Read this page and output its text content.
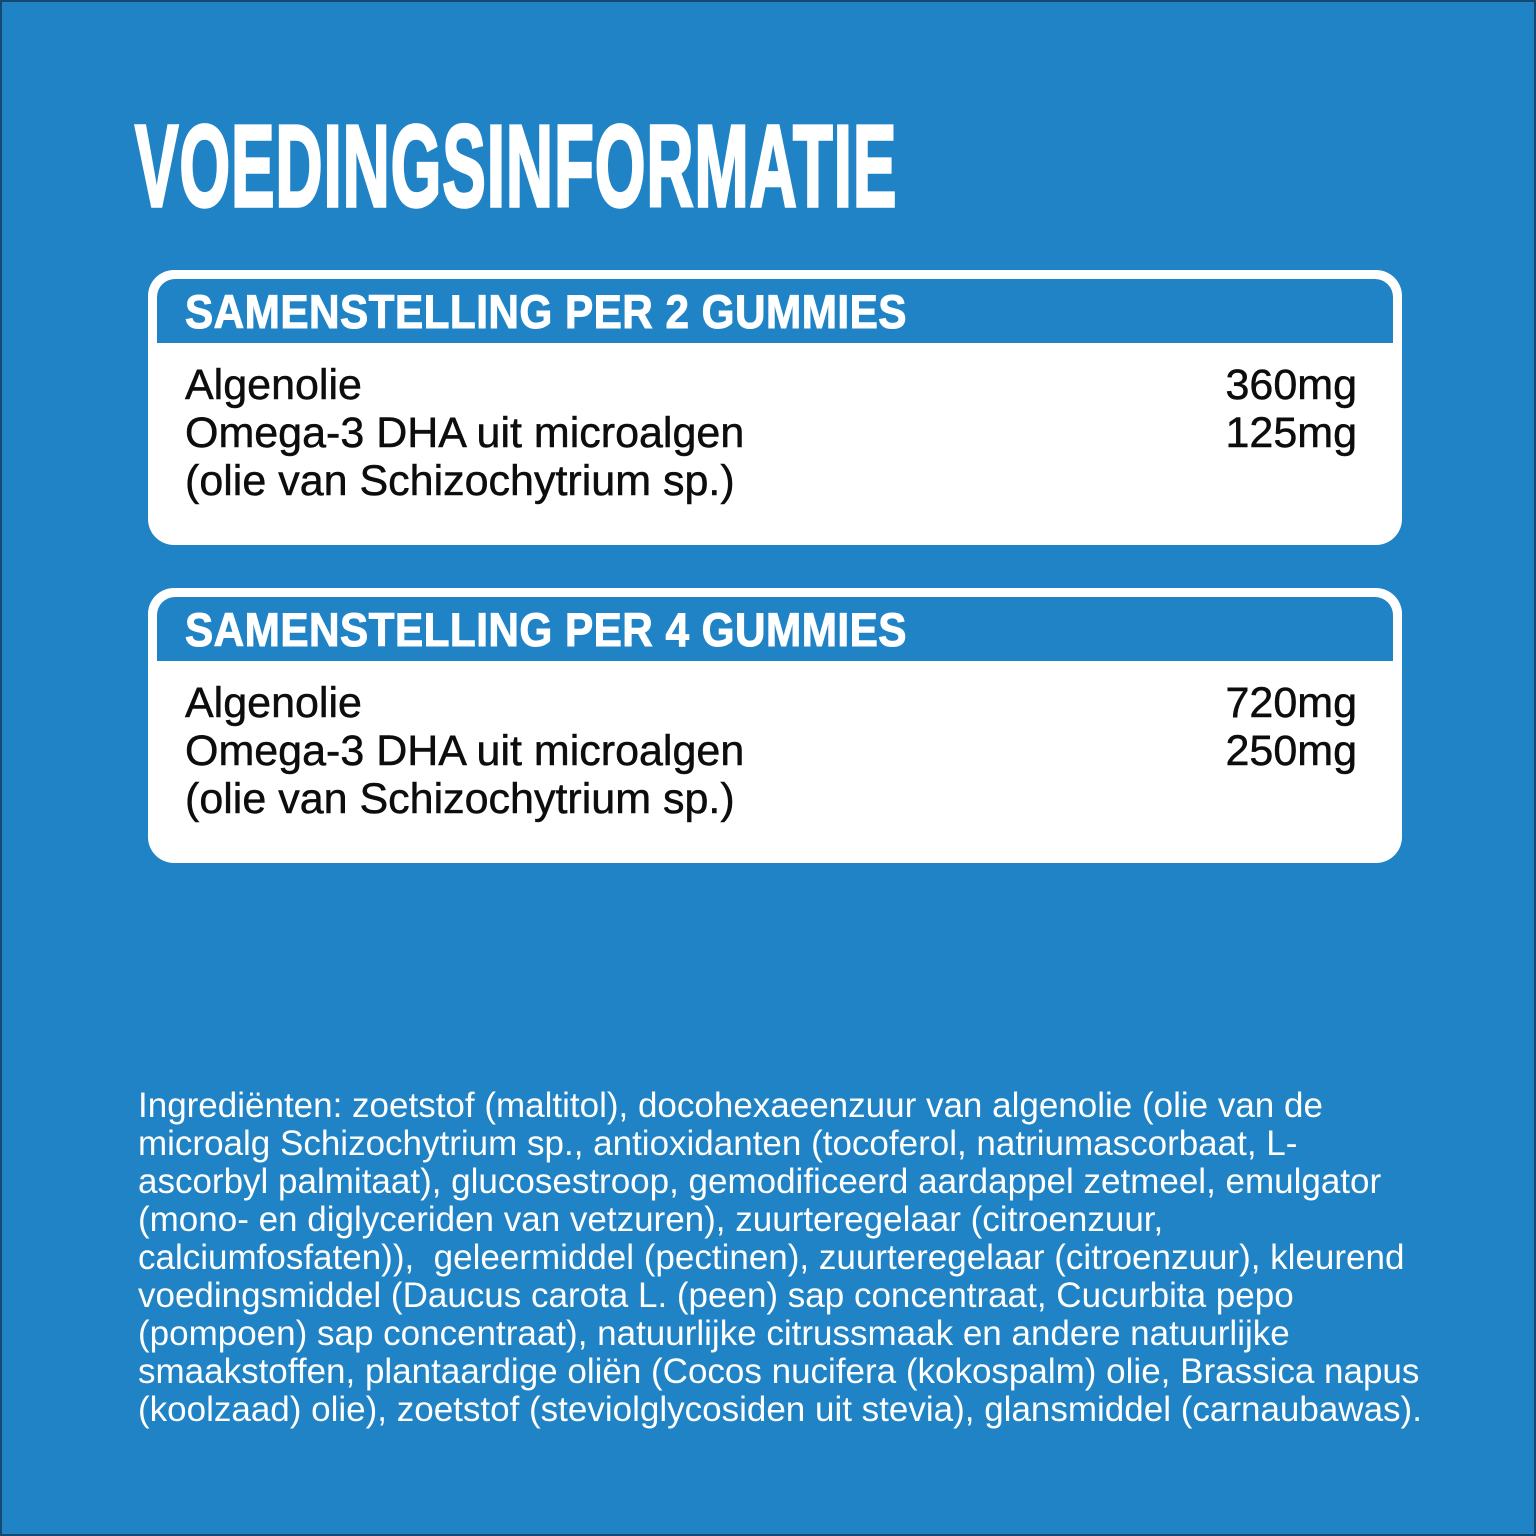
VOEDINGSINFORMATIE
SAMENSTELLING PER 2 GUMMIES
Algenolie	360mg
Omega-3 DHA uit microalgen	125mg
(olie van Schizochytrium sp.)
SAMENSTELLING PER 4 GUMMIES
Algenolie	720mg
Omega-3 DHA uit microalgen	250mg
(olie van Schizochytrium sp.)

Ingrediënten: zoetstof (maltitol), docohexaeenzuur van algenolie (olie van de
microalg Schizochytrium sp., antioxidanten (tocoferol, natriumascorbaat, L-
ascorbyl palmitaat), glucosestroop, gemodificeerd aardappel zetmeel, emulgator
(mono- en diglyceriden van vetzuren), zuurteregelaar (citroenzuur,
calciumfosfaten)),  geleermiddel (pectinen), zuurteregelaar (citroenzuur), kleurend
voedingsmiddel (Daucus carota L. (peen) sap concentraat, Cucurbita pepo
(pompoen) sap concentraat), natuurlijke citrussmaak en andere natuurlijke
smaakstoffen, plantaardige oliën (Cocos nucifera (kokospalm) olie, Brassica napus
(koolzaad) olie), zoetstof (steviolglycosiden uit stevia), glansmiddel (carnaubawas).
